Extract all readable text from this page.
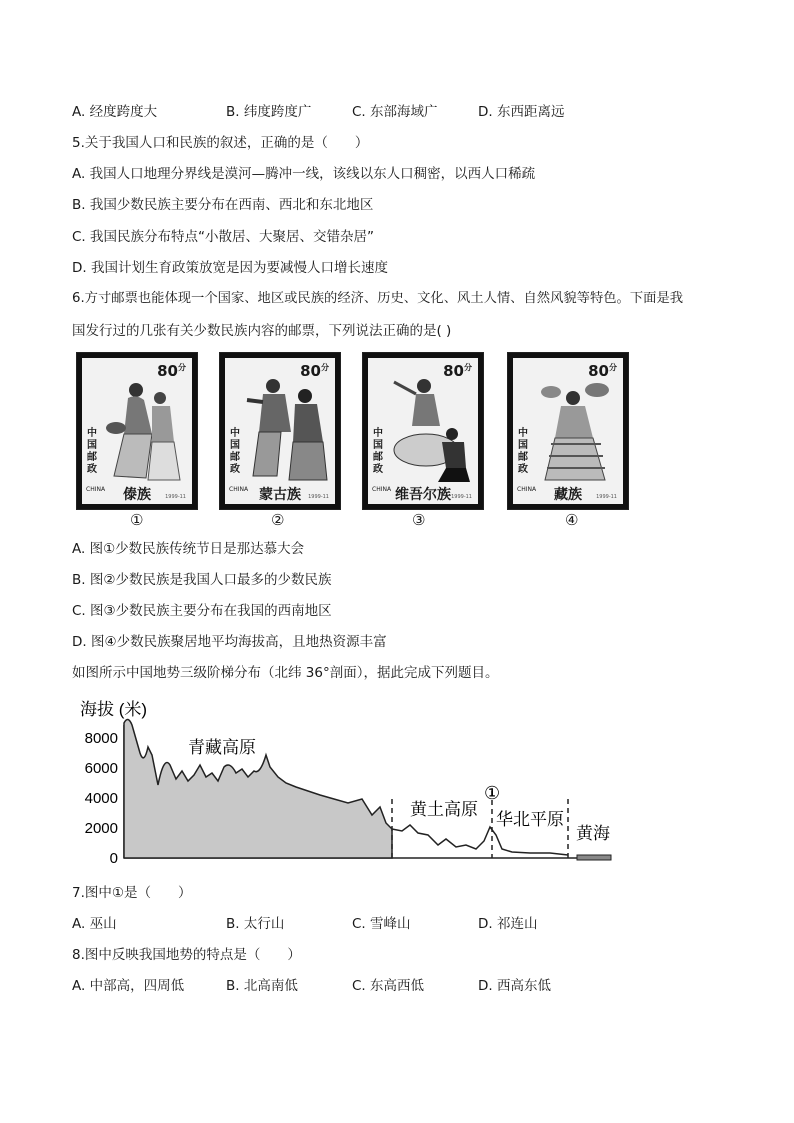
A. 经度跨度大	B. 纬度跨度广	C. 东部海域广	D. 东西距离远
5.关于我国人口和民族的叙述，正确的是（　　）
A. 我国人口地理分界线是漠河—腾冲一线，该线以东人口稠密，以西人口稀疏
B. 我国少数民族主要分布在西南、西北和东北地区
C. 我国民族分布特点“小散居、大聚居、交错杂居”
D. 我国计划生育政策放宽是因为要减慢人口增长速度
6.方寸邮票也能体现一个国家、地区或民族的经济、历史、文化、风土人情、自然风貌等特色。下面是我
国发行过的几张有关少数民族内容的邮票，下列说法正确的是( )
$80^分$
中国邮政
CHINA
1999-11
傣族
①
$80^分$
中国邮政
CHINA
1999-11
蒙古族
②
$80^分$
中国邮政
CHINA
1999-11
维吾尔族
③
$80^分$
中国邮政
CHINA
1999-11
藏族
④
A. 图①少数民族传统节日是那达慕大会
B. 图②少数民族是我国人口最多的少数民族
C. 图③少数民族主要分布在我国的西南地区
D. 图④少数民族聚居地平均海拔高，且地热资源丰富
如图所示中国地势三级阶梯分布（北纬 36°剖面），据此完成下列题目。
海拔 (米)
8000
6000
4000
2000
0
青藏高原
黄土高原
华北平原
黄海
①
7.图中①是（　　）
A. 巫山	B. 太行山	C. 雪峰山	D. 祁连山
8.图中反映我国地势的特点是（　　）
A. 中部高，四周低	B. 北高南低	C. 东高西低	D. 西高东低
